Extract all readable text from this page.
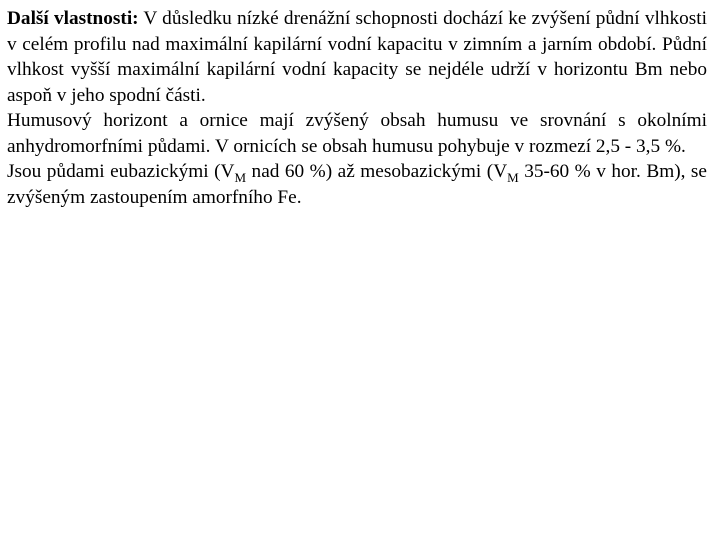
Další vlastnosti: V důsledku nízké drenážní schopnosti dochází ke zvýšení půdní vlhkosti v celém profilu nad maximální kapilární vodní kapacitu v zimním a jarním období. Půdní vlhkost vyšší maximální kapilární vodní kapacity se nejdéle udrží v horizontu Bm nebo aspoň v jeho spodní části.

Humusový horizont a ornice mají zvýšený obsah humusu ve srovnání s okolními anhydromorfními půdami. V ornicích se obsah humusu pohybuje v rozmezí 2,5 - 3,5 %.

Jsou půdami eubazickými ($V_M$ nad 60 %) až mesobazickými ($V_M$ 35-60 % v hor. Bm), se zvýšeným zastoupením amorfního Fe.
